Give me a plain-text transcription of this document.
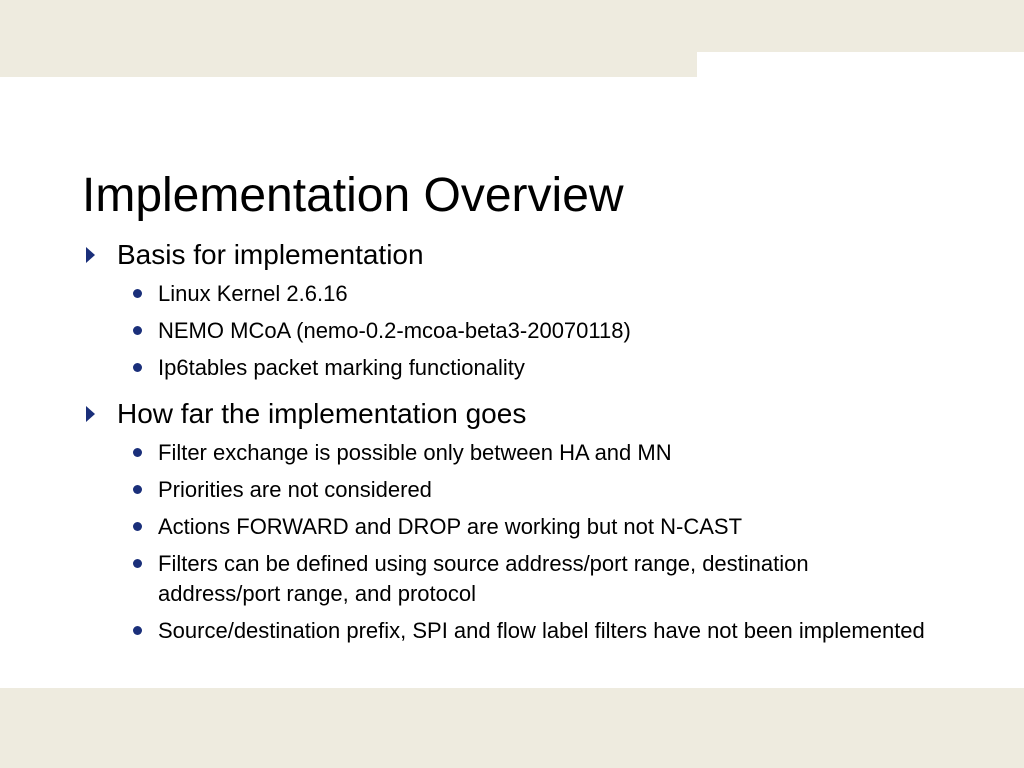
Implementation Overview
Basis for implementation
Linux Kernel 2.6.16
NEMO MCoA (nemo-0.2-mcoa-beta3-20070118)
Ip6tables packet marking functionality
How far the implementation goes
Filter exchange is possible only between HA and MN
Priorities are not considered
Actions FORWARD and DROP are working but not N-CAST
Filters can be defined using source address/port range, destination address/port range, and protocol
Source/destination prefix, SPI and flow label filters have not been implemented
